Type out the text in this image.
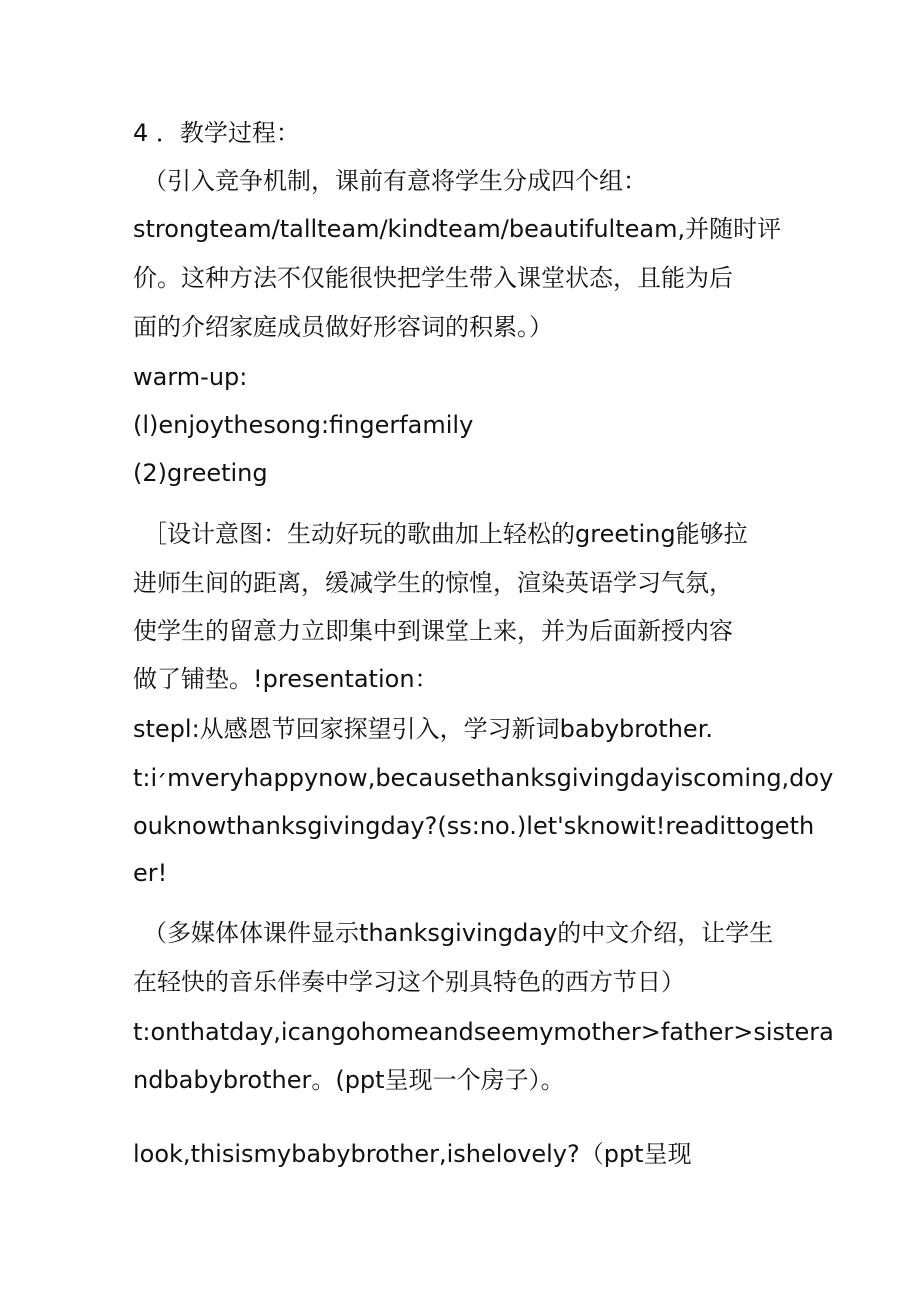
4 ．教学过程：
（引入竞争机制，课前有意将学生分成四个组：
strongteam/tallteam/kindteam/beautifulteam,并随时评
价。这种方法不仅能很快把学生带入课堂状态，且能为后
面的介绍家庭成员做好形容词的积累。）
warm-up:
(l)enjoythesong:fingerfamily
(2)greeting
［设计意图：生动好玩的歌曲加上轻松的greeting能够拉
进师生间的距离，缓减学生的惊惶，渲染英语学习气氛，
使学生的留意力立即集中到课堂上来，并为后面新授内容
做了铺垫。!presentation：
stepl:从感恩节回家探望引入，学习新词babybrother.
t:i׳mveryhappynow,becausethanksgivingdayiscoming,doy
ouknowthanksgivingday?(ss:no.)let'sknowit!readittogeth
er!
（多媒体体课件显示thanksgivingday的中文介绍，让学生
在轻快的音乐伴奏中学习这个别具特色的西方节日）
t:onthatday,icangohomeandseemymother>father>sistera
ndbabybrother。(ppt呈现一个房子）。
look,thisismybabybrother,ishelovely?（ppt呈现
